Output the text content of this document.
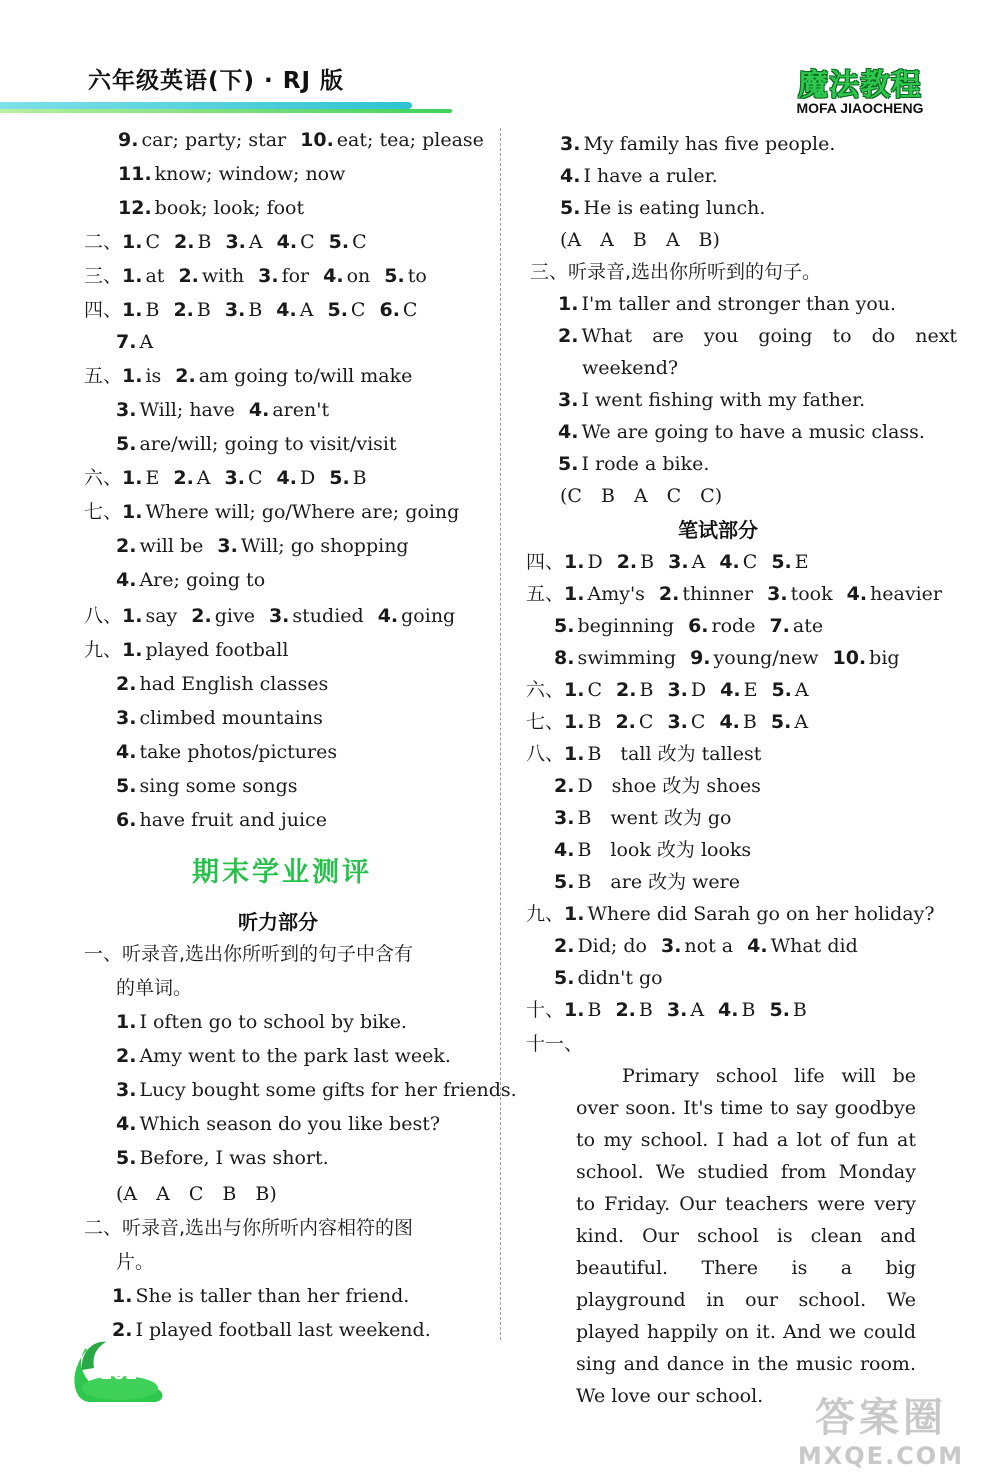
六年级英语(下) · RJ 版	魔法教程
MOFA JIAOCHENG
9. car; party; star 10. eat; tea; please
11. know; window; now
12. book; look; foot
二、1. C 2. B 3. A 4. C 5. C
三、1. at 2. with 3. for 4. on 5. to
四、1. B 2. B 3. B 4. A 5. C 6. C
7. A
五、1. is 2. am going to/will make
3. Will; have 4. aren't
5. are/will; going to visit/visit
六、1. E 2. A 3. C 4. D 5. B
七、1. Where will; go/Where are; going
2. will be 3. Will; go shopping
4. Are; going to
八、1. say 2. give 3. studied 4. going
九、1. played football
2. had English classes
3. climbed mountains
4. take photos/pictures
5. sing some songs
6. have fruit and juice
期末学业测评
听力部分
一、听录音,选出你所听到的句子中含有
的单词。
1. I often go to school by bike.
2. Amy went to the park last week.
3. Lucy bought some gifts for her friends.
4. Which season do you like best?
5. Before, I was short.
(A　A　C　B　B)
二、听录音,选出与你所听内容相符的图
片。
1. She is taller than her friend.
2. I played football last weekend.
3. My family has five people.
4. I have a ruler.
5. He is eating lunch.
(A　A　B　A　B)
三、听录音,选出你所听到的句子。
1. I'm taller and stronger than you.
2. What are you going to do next
weekend?
3. I went fishing with my father.
4. We are going to have a music class.
5. I rode a bike.
(C　B　A　C　C)
笔试部分
四、1. D 2. B 3. A 4. C 5. E
五、1. Amy's 2. thinner 3. took 4. heavier
5. beginning 6. rode 7. ate
8. swimming 9. young/new 10. big
六、1. C 2. B 3. D 4. E 5. A
七、1. B 2. C 3. C 4. B 5. A
八、1. B　tall 改为 tallest
2. D　shoe 改为 shoes
3. B　went 改为 go
4. B　look 改为 looks
5. B　are 改为 were
九、1. Where did Sarah go on her holiday?
2. Did; do 3. not a 4. What did
5. didn't go
十、1. B 2. B 3. A 4. B 5. B
十一、

Primary school life will be over soon. It's time to say goodbye to my school. I had a lot of fun at school. We studied from Monday to Friday. Our teachers were very kind. Our school is clean and beautiful. There is a big playground in our school. We played happily on it. And we could sing and dance in the music room. We love our school.

202
答案圈
MXQE.COM
